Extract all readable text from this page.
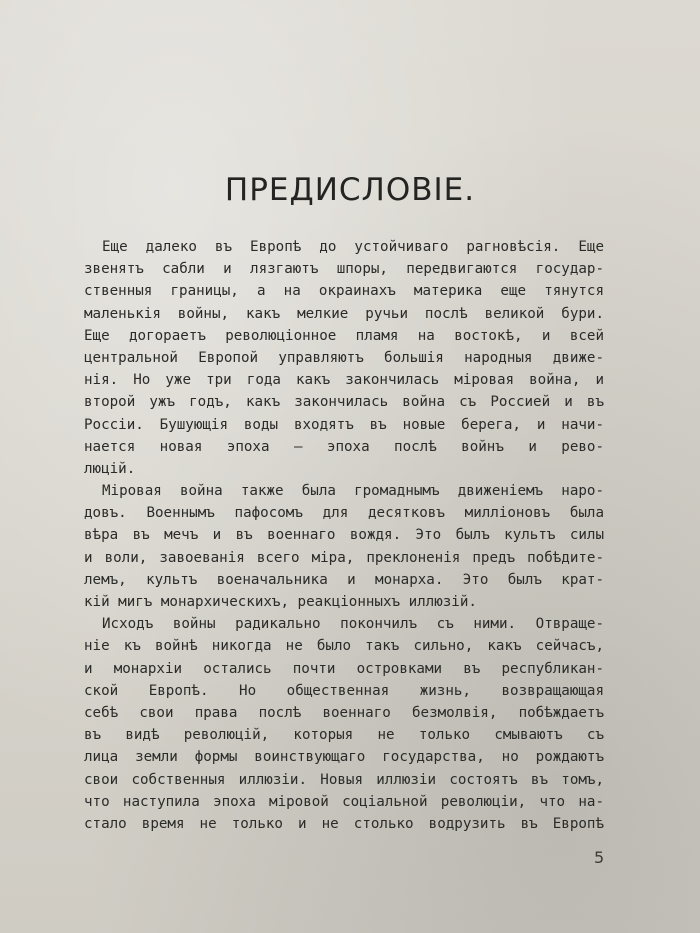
ПРЕДИСЛОВІЕ.
Еще далеко въ Европѣ до устойчиваго рагновѣсія. Еще
звенятъ сабли и лязгаютъ шпоры, передвигаются государ-
ственныя границы, а на окраинахъ материка еще тянутся
маленькія войны, какъ мелкие ручьи послѣ великой бури.
Еще догораетъ революціонное пламя на востокѣ, и всей
центральной Европой управляютъ большія народныя движе-
нія. Но уже три года какъ закончилась міровая война, и
второй ужъ годъ, какъ закончилась война съ Россией и въ
Россіи. Бушующія воды входятъ въ новые берега, и начи-
нается новая эпоха — эпоха послѣ войнъ и рево-
люцій.
Міровая война также была громаднымъ движеніемъ наро-
довъ. Военнымъ пафосомъ для десятковъ милліоновъ была
вѣра въ мечъ и въ военнаго вождя. Это былъ культъ силы
и воли, завоеванія всего міра, преклоненія предъ побѣдите-
лемъ, культъ военачальника и монарха. Это былъ крат-
кій мигъ монархическихъ, реакціонныхъ иллюзій.
Исходъ войны радикально покончилъ съ ними. Отвраще-
ніе къ войнѣ никогда не было такъ сильно, какъ сейчасъ,
и монархіи остались почти островками въ республикан-
ской Европѣ. Но общественная жизнь, возвращающая
себѣ свои права послѣ военнаго безмолвія, побѣждаетъ
въ видѣ революцій, которыя не только смываютъ съ
лица земли формы воинствующаго государства, но рождаютъ
свои собственныя иллюзіи. Новыя иллюзіи состоятъ въ томъ,
что наступила эпоха міровой соціальной революціи, что на-
стало время не только и не столько водрузить въ Европѣ
5
